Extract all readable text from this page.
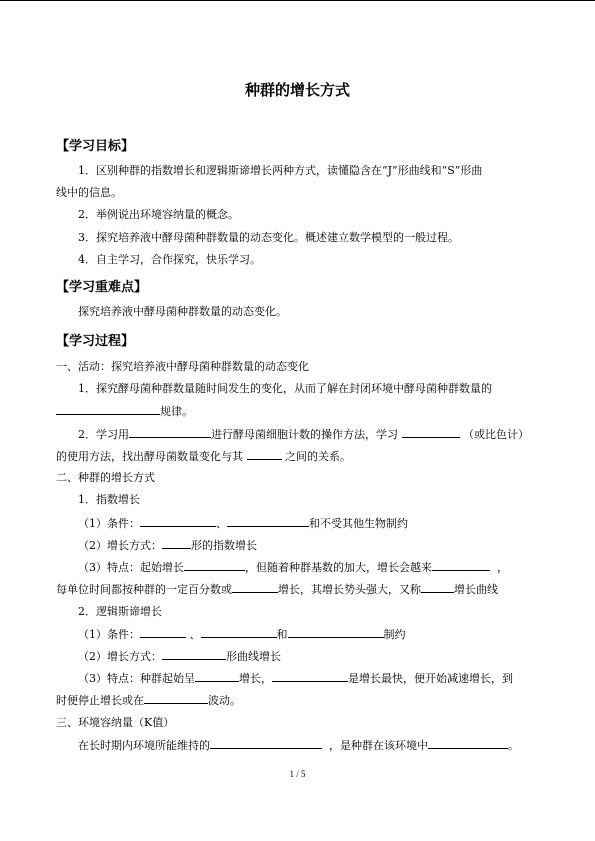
种群的增长方式
【学习目标】
1．区别种群的指数增长和逻辑斯谛增长两种方式，读懂隐含在“J”形曲线和“S”形曲
线中的信息。
2．举例说出环境容纳量的概念。
3．探究培养液中酵母菌种群数量的动态变化。概述建立数学模型的一般过程。
4．自主学习，合作探究，快乐学习。
【学习重难点】
探究培养液中酵母菌种群数量的动态变化。
【学习过程】
一、活动：探究培养液中酵母菌种群数量的动态变化
1．探究酵母菌种群数量随时间发生的变化，从而了解在封闭环境中酵母菌种群数量的
规律。
2．学习用	进行酵母菌细胞计数的操作方法，学习	（或比色计）
的使用方法，找出酵母菌数量变化与其	之间的关系。
二、种群的增长方式
1．指数增长
（1）条件：	、	和不受其他生物制约
（2）增长方式：	形的指数增长
（3）特点：起始增长	，但随着种群基数的加大，增长会越来	，
每单位时间都按种群的一定百分数或	增长，其增长势头强大，又称	增长曲线
2．逻辑斯谛增长
（1）条件：	、	和	制约
（2）增长方式：	形曲线增长
（3）特点：种群起始呈	增长，	是增长最快，便开始减速增长，到
时便停止增长或在	波动。
三、环境容纳量（K值）
在长时期内环境所能维持的	，是种群在该环境中	。
1 / 5
